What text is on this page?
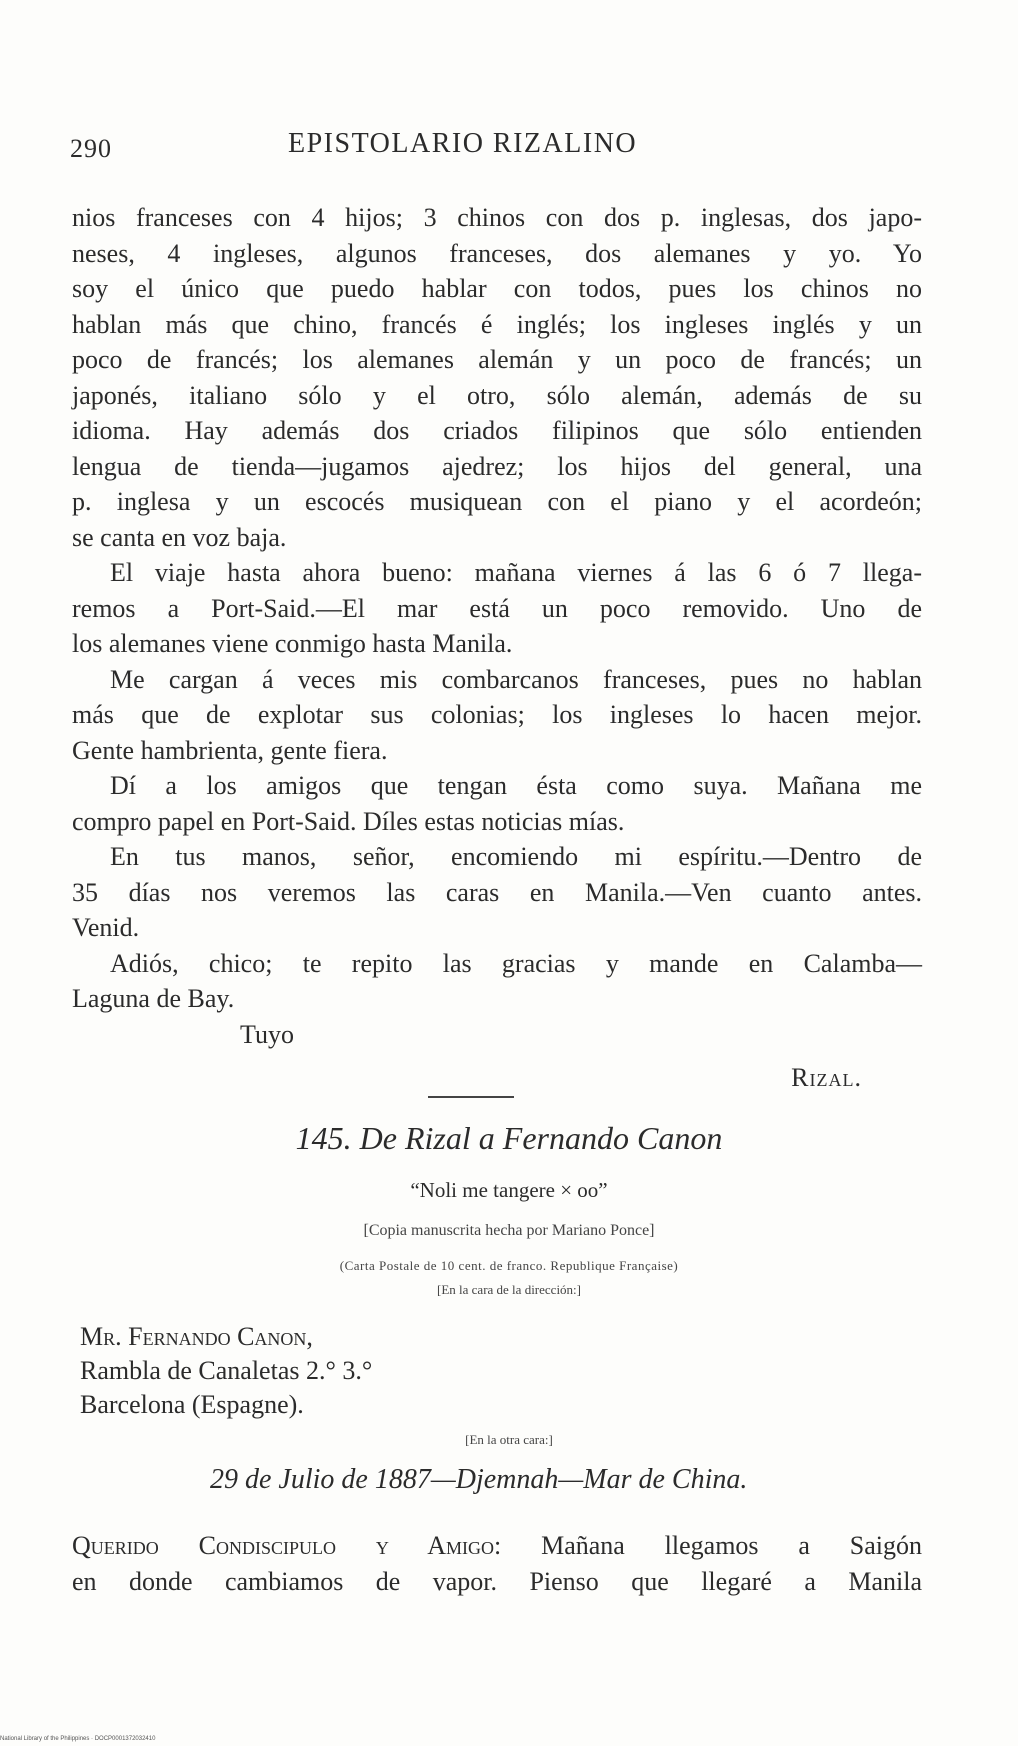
290	EPISTOLARIO RIZALINO
nios franceses con 4 hijos; 3 chinos con dos p. inglesas, dos japo-
neses, 4 ingleses, algunos franceses, dos alemanes y yo. Yo
soy el único que puedo hablar con todos, pues los chinos no
hablan más que chino, francés é inglés; los ingleses inglés y un
poco de francés; los alemanes alemán y un poco de francés; un
japonés, italiano sólo y el otro, sólo alemán, además de su
idioma. Hay además dos criados filipinos que sólo entienden
lengua de tienda—jugamos ajedrez; los hijos del general, una
p. inglesa y un escocés musiquean con el piano y el acordeón;
se canta en voz baja.
El viaje hasta ahora bueno: mañana viernes á las 6 ó 7 llega-
remos a Port-Said.—El mar está un poco removido. Uno de
los alemanes viene conmigo hasta Manila.
Me cargan á veces mis combarcanos franceses, pues no hablan
más que de explotar sus colonias; los ingleses lo hacen mejor.
Gente hambrienta, gente fiera.
Dí a los amigos que tengan ésta como suya. Mañana me
compro papel en Port-Said. Díles estas noticias mías.
En tus manos, señor, encomiendo mi espíritu.—Dentro de
35 días nos veremos las caras en Manila.—Ven cuanto antes.
Venid.
Adiós, chico; te repito las gracias y mande en Calamba—
Laguna de Bay.
Tuyo
Rizal.
145. De Rizal a Fernando Canon
“Noli me tangere × oo”
[Copia manuscrita hecha por Mariano Ponce]
(Carta Postale de 10 cent. de franco. Republique Française)
[En la cara de la dirección:]
Mr. Fernando Canon,
Rambla de Canaletas 2.° 3.°
Barcelona (Espagne).
[En la otra cara:]
29 de Julio de 1887—Djemnah—Mar de China.
Querido Condiscipulo y Amigo: Mañana llegamos a Saigón
en donde cambiamos de vapor. Pienso que llegaré a Manila
National Library of the Philippines · DOCP0001372032410
